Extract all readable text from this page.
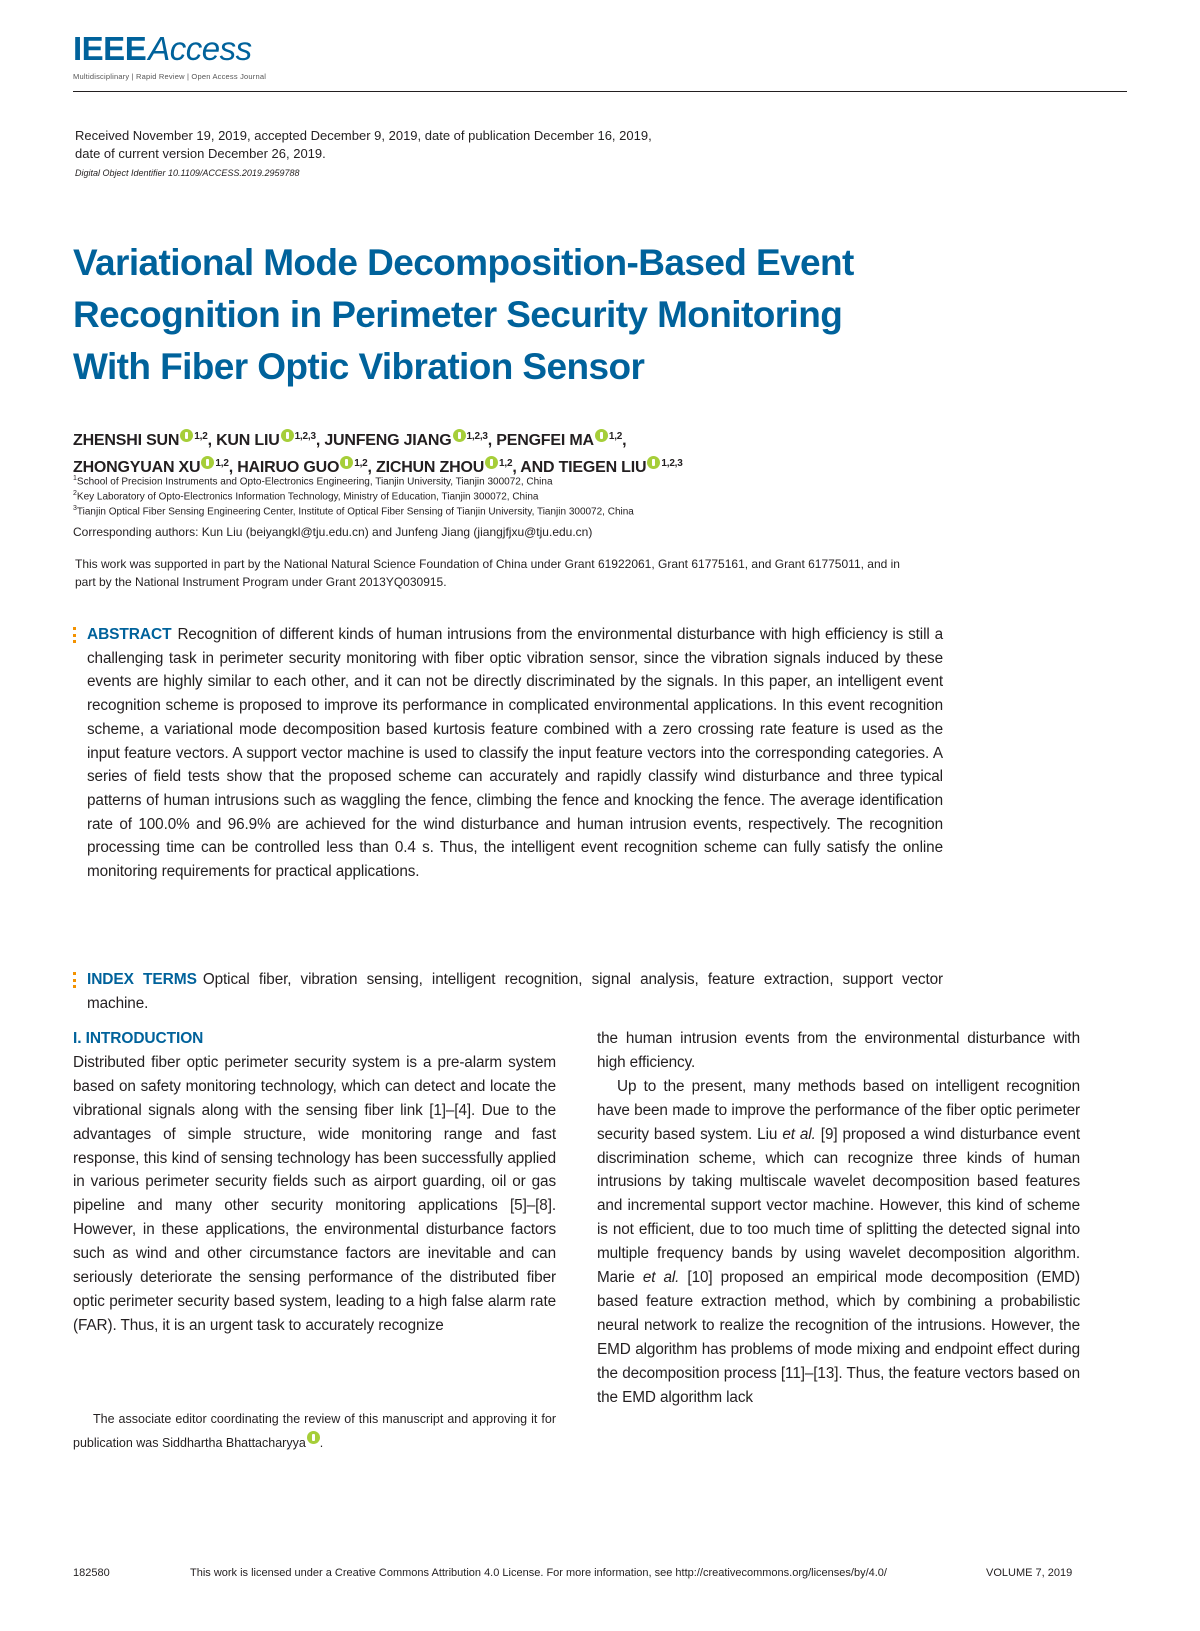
IEEEAccess
Multidisciplinary | Rapid Review | Open Access Journal
Received November 19, 2019, accepted December 9, 2019, date of publication December 16, 2019,
date of current version December 26, 2019.
Digital Object Identifier 10.1109/ACCESS.2019.2959788
Variational Mode Decomposition-Based Event
Recognition in Perimeter Security Monitoring
With Fiber Optic Vibration Sensor
ZHENSHI SUN $^{1,2}$, KUN LIU $^{1,2,3}$, JUNFENG JIANG $^{1,2,3}$, PENGFEI MA $^{1,2}$,
ZHONGYUAN XU $^{1,2}$, HAIRUO GUO $^{1,2}$, ZICHUN ZHOU $^{1,2}$, AND TIEGEN LIU $^{1,2,3}$
$^1$School of Precision Instruments and Opto-Electronics Engineering, Tianjin University, Tianjin 300072, China
$^2$Key Laboratory of Opto-Electronics Information Technology, Ministry of Education, Tianjin 300072, China
$^3$Tianjin Optical Fiber Sensing Engineering Center, Institute of Optical Fiber Sensing of Tianjin University, Tianjin 300072, China
Corresponding authors: Kun Liu (beiyangkl@tju.edu.cn) and Junfeng Jiang (jiangjfjxu@tju.edu.cn)
This work was supported in part by the National Natural Science Foundation of China under Grant 61922061, Grant 61775161, and Grant 61775011, and in part by the National Instrument Program under Grant 2013YQ030915.
ABSTRACT Recognition of different kinds of human intrusions from the environmental disturbance with high efficiency is still a challenging task in perimeter security monitoring with fiber optic vibration sensor, since the vibration signals induced by these events are highly similar to each other, and it can not be directly discriminated by the signals. In this paper, an intelligent event recognition scheme is proposed to improve its performance in complicated environmental applications. In this event recognition scheme, a variational mode decomposition based kurtosis feature combined with a zero crossing rate feature is used as the input feature vectors. A support vector machine is used to classify the input feature vectors into the corresponding categories. A series of field tests show that the proposed scheme can accurately and rapidly classify wind disturbance and three typical patterns of human intrusions such as waggling the fence, climbing the fence and knocking the fence. The average identification rate of 100.0% and 96.9% are achieved for the wind disturbance and human intrusion events, respectively. The recognition processing time can be controlled less than 0.4 s. Thus, the intelligent event recognition scheme can fully satisfy the online monitoring requirements for practical applications.
INDEX TERMS Optical fiber, vibration sensing, intelligent recognition, signal analysis, feature extraction, support vector machine.
I. INTRODUCTION

Distributed fiber optic perimeter security system is a pre-alarm system based on safety monitoring technology, which can detect and locate the vibrational signals along with the sensing fiber link [1]–[4]. Due to the advantages of simple structure, wide monitoring range and fast response, this kind of sensing technology has been successfully applied in various perimeter security fields such as airport guarding, oil or gas pipeline and many other security monitoring applications [5]–[8]. However, in these applications, the environmental disturbance factors such as wind and other circumstance factors are inevitable and can seriously deteriorate the sensing performance of the distributed fiber optic perimeter security based system, leading to a high false alarm rate (FAR). Thus, it is an urgent task to accurately recognize

The associate editor coordinating the review of this manuscript and approving it for publication was Siddhartha Bhattacharyya .

the human intrusion events from the environmental disturbance with high efficiency.

Up to the present, many methods based on intelligent recognition have been made to improve the performance of the fiber optic perimeter security based system. Liu et al. [9] proposed a wind disturbance event discrimination scheme, which can recognize three kinds of human intrusions by taking multiscale wavelet decomposition based features and incremental support vector machine. However, this kind of scheme is not efficient, due to too much time of splitting the detected signal into multiple frequency bands by using wavelet decomposition algorithm. Marie et al. [10] proposed an empirical mode decomposition (EMD) based feature extraction method, which by combining a probabilistic neural network to realize the recognition of the intrusions. However, the EMD algorithm has problems of mode mixing and endpoint effect during the decomposition process [11]–[13]. Thus, the feature vectors based on the EMD algorithm lack

182580	This work is licensed under a Creative Commons Attribution 4.0 License. For more information, see http://creativecommons.org/licenses/by/4.0/	VOLUME 7, 2019
